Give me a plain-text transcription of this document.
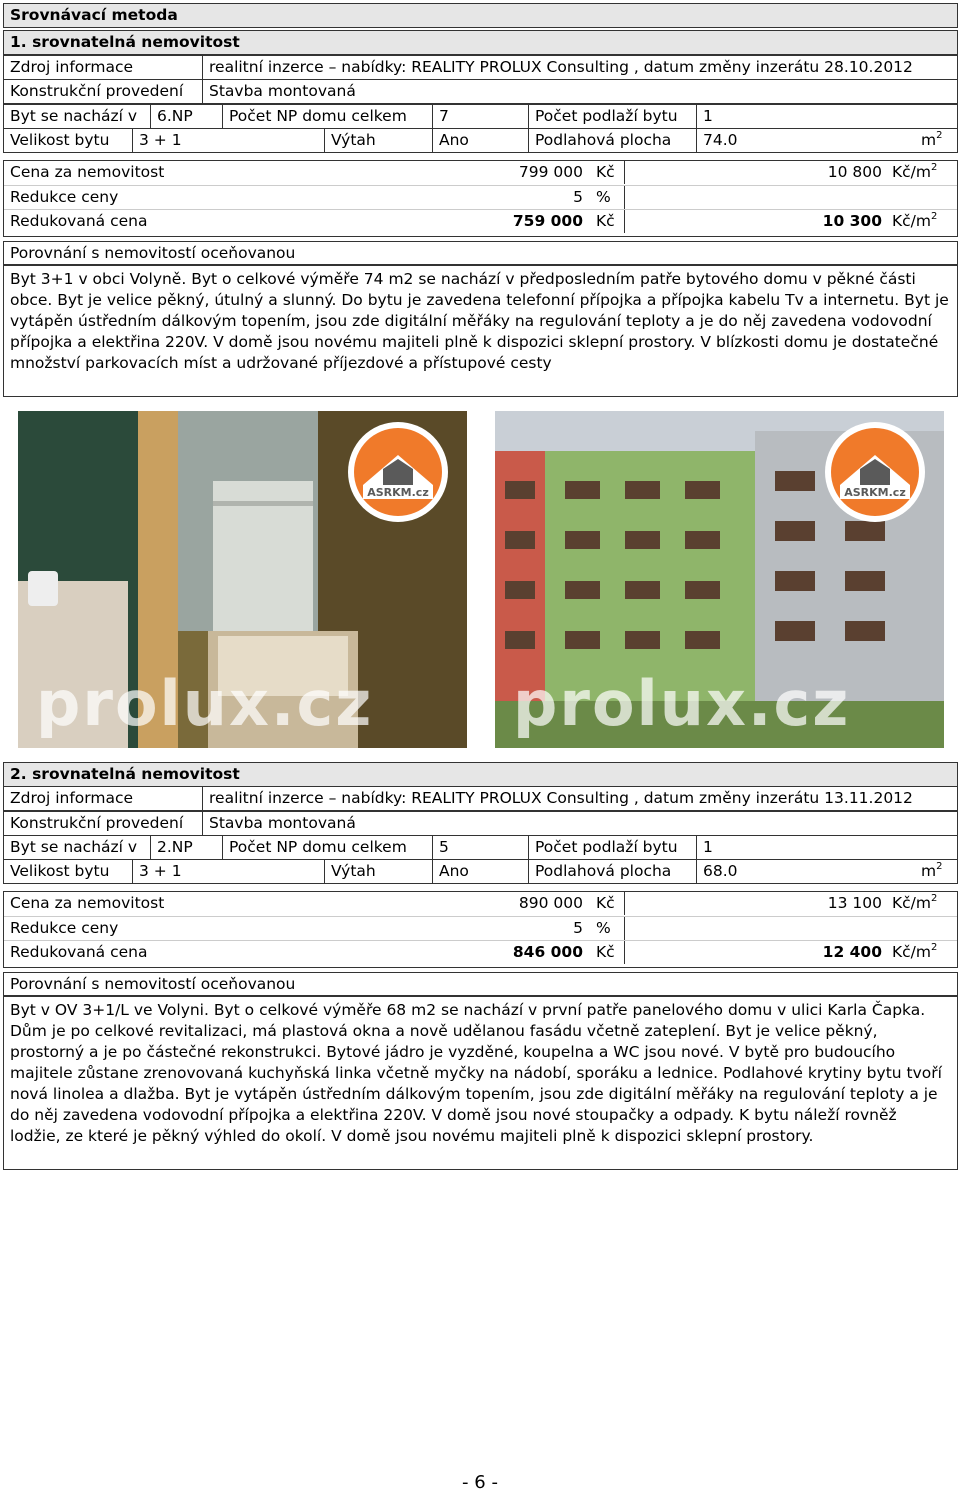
Srovnávací metoda
1. srovnatelná nemovitost
Zdroj informace	realitní inzerce – nabídky: REALITY PROLUX Consulting , datum změny inzerátu 28.10.2012
Konstrukční provedení	Stavba montovaná
Byt se nachází v	6.NP	Počet NP domu celkem	7	Počet podlaží bytu	1
Velikost bytu	3 + 1	Výtah	Ano	Podlahová plocha	74.0	$m^2$
Cena za nemovitost	799 000 Kč	10 800 $Kč/m^2$
Redukce ceny	5 %
Redukovaná cena	759 000 Kč	10 300 $Kč/m^2$
Porovnání s nemovitostí oceňovanou
Byt 3+1 v obci Volyně. Byt o celkové výměře 74 m2 se nachází v předposledním patře bytového domu v pěkné části obce. Byt je velice pěkný, útulný a slunný. Do bytu je zavedena telefonní přípojka a přípojka kabelu Tv a internetu. Byt je vytápěn ústředním dálkovým topením, jsou zde digitální měřáky na regulování teploty a je do něj zavedena vodovodní přípojka a elektřina 220V. V domě jsou novému majiteli plně k dispozici sklepní prostory. V blízkosti domu je dostatečné množství parkovacích míst a udržované příjezdové a přístupové cesty
ASRKM.cz
prolux.cz
ASRKM.cz
prolux.cz
2. srovnatelná nemovitost
Zdroj informace	realitní inzerce – nabídky: REALITY PROLUX Consulting , datum změny inzerátu 13.11.2012
Konstrukční provedení	Stavba montovaná
Byt se nachází v	2.NP	Počet NP domu celkem	5	Počet podlaží bytu	1
Velikost bytu	3 + 1	Výtah	Ano	Podlahová plocha	68.0	$m^2$
Cena za nemovitost	890 000 Kč	13 100 $Kč/m^2$
Redukce ceny	5 %
Redukovaná cena	846 000 Kč	12 400 $Kč/m^2$
Porovnání s nemovitostí oceňovanou
Byt v OV 3+1/L ve Volyni. Byt o celkové výměře 68 m2 se nachází v první patře panelového domu v ulici Karla Čapka. Dům je po celkové revitalizaci, má plastová okna a nově udělanou fasádu včetně zateplení. Byt je velice pěkný, prostorný a je po částečné rekonstrukci. Bytové jádro je vyzděné, koupelna a WC jsou nové. V bytě pro budoucího majitele zůstane zrenovovaná kuchyňská linka včetně myčky na nádobí, sporáku a lednice. Podlahové krytiny bytu tvoří nová linolea a dlažba. Byt je vytápěn ústředním dálkovým topením, jsou zde digitální měřáky na regulování teploty a je do něj zavedena vodovodní přípojka a elektřina 220V. V domě jsou nové stoupačky a odpady. K bytu náleží rovněž lodžie, ze které je pěkný výhled do okolí. V domě jsou novému majiteli plně k dispozici sklepní prostory.
- 6 -
